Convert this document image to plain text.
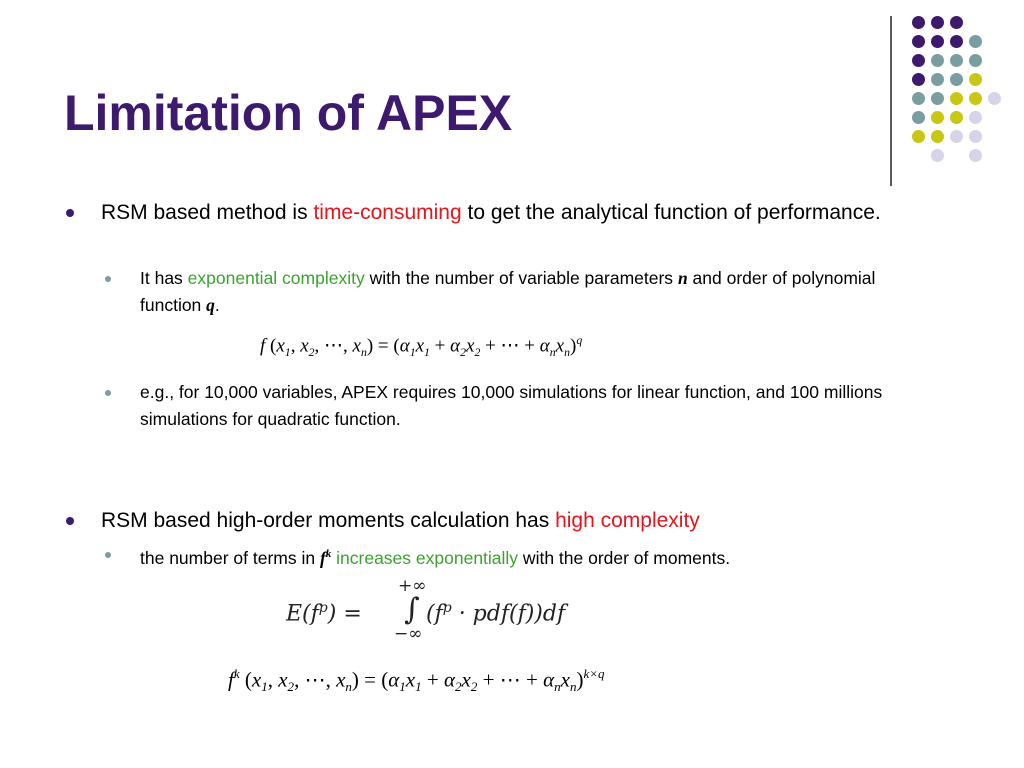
Limitation of APEX
RSM based method is time-consuming to get the analytical function of performance.
It has exponential complexity with the number of variable parameters n and order of polynomial function q.
f ($x_1$, $x_2$, ⋯, $x_n) = (\alpha_1x_1 + \alpha_2x_2$ + ⋯ + $\alpha_nx_n)^q$
e.g., for 10,000 variables, APEX requires 10,000 simulations for linear function, and 100 millions simulations for quadratic function.
RSM based high-order moments calculation has high complexity
the number of terms in $f^k$ increases exponentially with the order of moments.
$E(f^p)$ =
+∞
∫
−∞
$(f^p \cdot pdf(f))df$
$f^k$ ($x_1$, $x_2$, ⋯, $x_n) = (\alpha_1x_1 + \alpha_2x_2$ + ⋯ + $\alpha_nx_n)^{k\times q}$
